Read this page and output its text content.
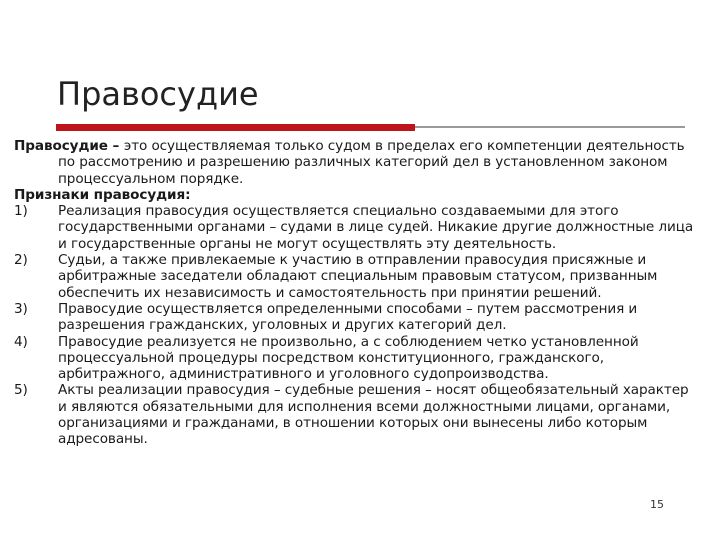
Правосудие

Правосудие – это осуществляемая только судом в пределах его компетенции деятельность по рассмотрению и разрешению различных категорий дел в установленном законом процессуальном порядке.

Признаки правосудия:

1)	Реализация правосудия осуществляется специально создаваемыми для этого государственными органами – судами в лице судей. Никакие другие должностные лица и государственные органы не могут осуществлять эту деятельность.
2)	Судьи, а также привлекаемые к участию в отправлении правосудия присяжные и арбитражные заседатели обладают специальным правовым статусом, призванным обеспечить их независимость и самостоятельность при принятии решений.
3)	Правосудие осуществляется определенными способами – путем рассмотрения и разрешения гражданских, уголовных и других категорий дел.
4)	Правосудие реализуется не произвольно, а с соблюдением четко установленной процессуальной процедуры посредством конституционного, гражданского, арбитражного, административного и уголовного судопроизводства.
5)	Акты реализации правосудия – судебные решения – носят общеобязательный характер и являются обязательными для исполнения всеми должностными лицами, органами, организациями и гражданами, в отношении которых они вынесены либо которым адресованы.
15
